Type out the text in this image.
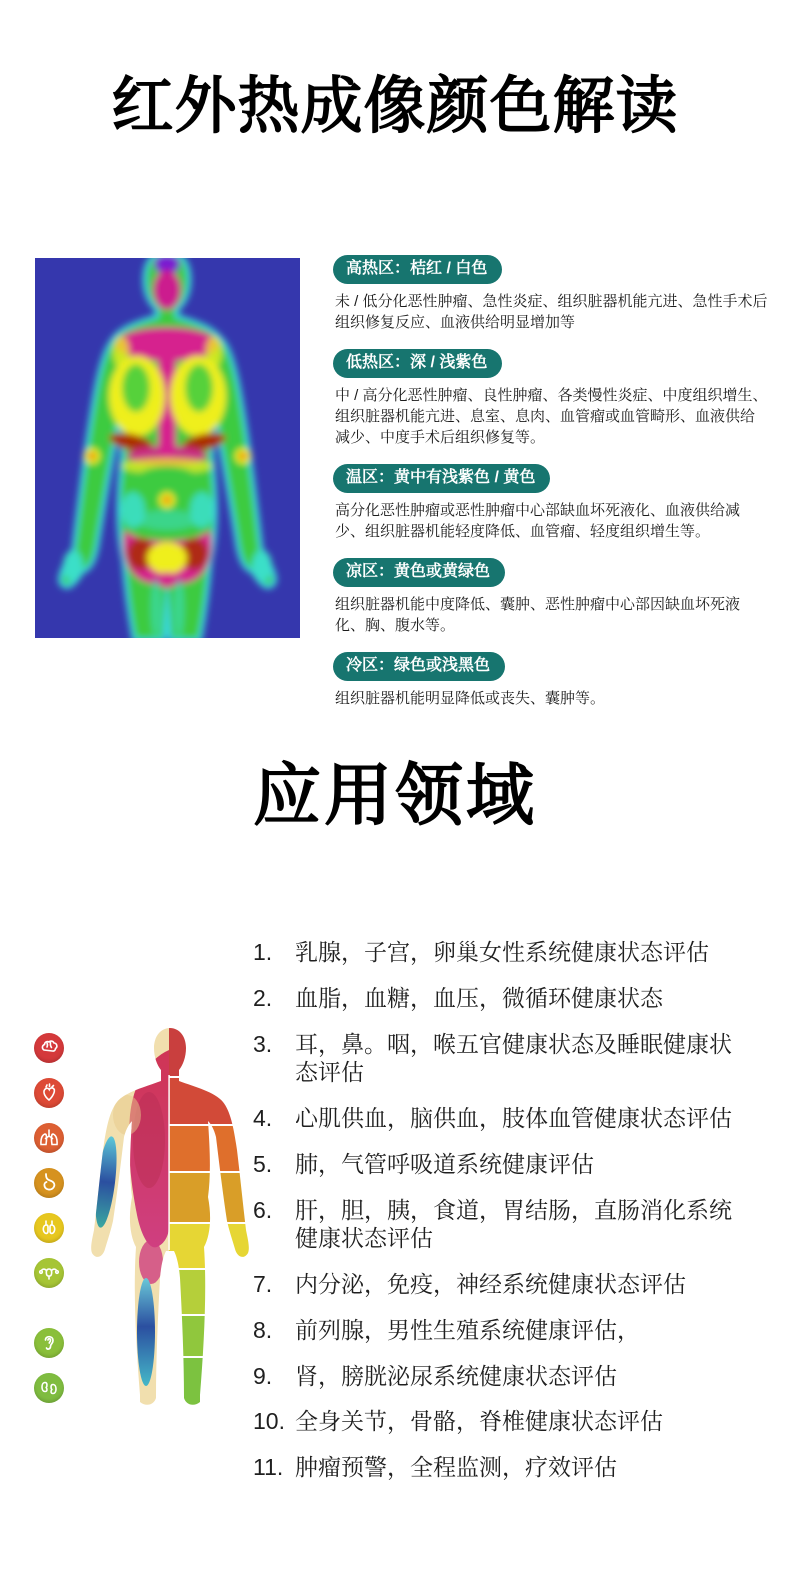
红外热成像颜色解读
高热区：桔红 / 白色

未 / 低分化恶性肿瘤、急性炎症、组织脏器机能亢进、急性手术后组织修复反应、血液供给明显增加等

低热区：深 / 浅紫色

中 / 高分化恶性肿瘤、良性肿瘤、各类慢性炎症、中度组织增生、组织脏器机能亢进、息室、息肉、血管瘤或血管畸形、血液供给减少、中度手术后组织修复等。

温区：黄中有浅紫色 / 黄色

高分化恶性肿瘤或恶性肿瘤中心部缺血坏死液化、血液供给减少、组织脏器机能轻度降低、血管瘤、轻度组织增生等。

凉区：黄色或黄绿色

组织脏器机能中度降低、囊肿、恶性肿瘤中心部因缺血坏死液化、胸、腹水等。

冷区：绿色或浅黑色

组织脏器机能明显降低或丧失、囊肿等。

应用领域
1. 乳腺，子宫，卵巢女性系统健康状态评估
2. 血脂，血糖，血压，微循环健康状态
3. 耳，鼻。咽，喉五官健康状态及睡眠健康状态评估
4. 心肌供血，脑供血，肢体血管健康状态评估
5. 肺，气管呼吸道系统健康评估
6. 肝，胆，胰，食道，胃结肠，直肠消化系统健康状态评估
7. 内分泌，免疫，神经系统健康状态评估
8. 前列腺，男性生殖系统健康评估，
9. 肾，膀胱泌尿系统健康状态评估
10. 全身关节，骨骼，脊椎健康状态评估
11. 肿瘤预警，全程监测，疗效评估
